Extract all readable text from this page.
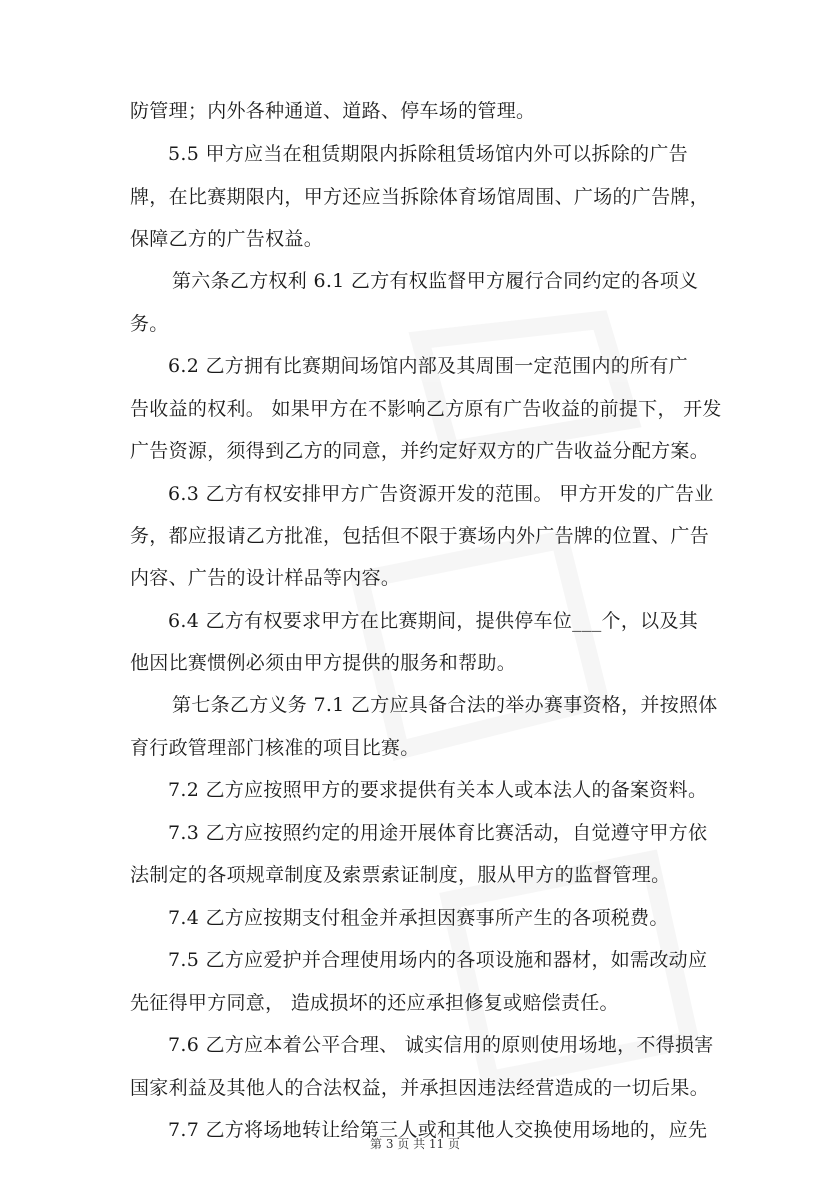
防管理；内外各种通道、道路、停车场的管理。
5.5 甲方应当在租赁期限内拆除租赁场馆内外可以拆除的广告
牌，在比赛期限内，甲方还应当拆除体育场馆周围、广场的广告牌，
保障乙方的广告权益。
第六条乙方权利 6.1 乙方有权监督甲方履行合同约定的各项义
务。
6.2 乙方拥有比赛期间场馆内部及其周围一定范围内的所有广
告收益的权利。 如果甲方在不影响乙方原有广告收益的前提下， 开发
广告资源，须得到乙方的同意，并约定好双方的广告收益分配方案。
6.3 乙方有权安排甲方广告资源开发的范围。 甲方开发的广告业
务，都应报请乙方批准，包括但不限于赛场内外广告牌的位置、广告
内容、广告的设计样品等内容。
6.4 乙方有权要求甲方在比赛期间，提供停车位___个，以及其
他因比赛惯例必须由甲方提供的服务和帮助。
第七条乙方义务 7.1 乙方应具备合法的举办赛事资格，并按照体
育行政管理部门核准的项目比赛。
7.2 乙方应按照甲方的要求提供有关本人或本法人的备案资料。
7.3 乙方应按照约定的用途开展体育比赛活动，自觉遵守甲方依
法制定的各项规章制度及索票索证制度，服从甲方的监督管理。
7.4 乙方应按期支付租金并承担因赛事所产生的各项税费。
7.5 乙方应爱护并合理使用场内的各项设施和器材，如需改动应
先征得甲方同意， 造成损坏的还应承担修复或赔偿责任。
7.6 乙方应本着公平合理、 诚实信用的原则使用场地，不得损害
国家利益及其他人的合法权益，并承担因违法经营造成的一切后果。
7.7 乙方将场地转让给第三人或和其他人交换使用场地的，应先

第 3 页 共 11 页
